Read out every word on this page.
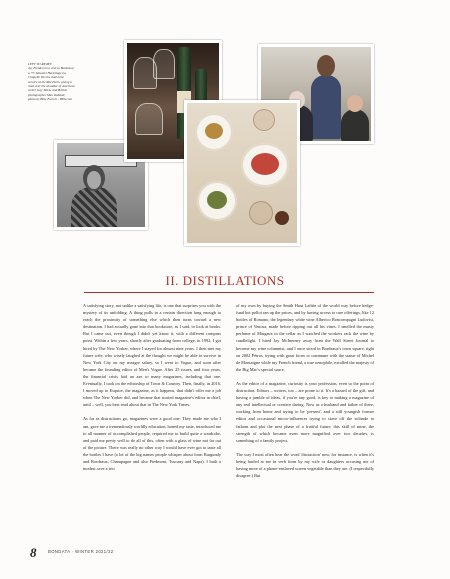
LEFT TO RIGHT:

Jay Fielden on a visit to Bordeaux;

a '73 Jaboulet Hermitage La

Chapelle hits the dual-tone

service at the Ritz Paris, giving a

read over the shoulder of American

writer Gay Talese and British

photographer Max Vadukul;

photo by Billy Farrell – BFA.com

II. DISTILLATIONS

A satisfying story, not unlike a satisfying life, is one that surprises you with the mystery of its unfolding. A thing pulls in a certain direction long enough to reach the proximity of something else which then turns toward a new destination. I had actually gone into that bookstore, as I said, to look at books. But I came out, even though I didn't yet know it, with a different compass point. Within a few years, shortly after graduating from college, in 1992, I got hired by The New Yorker, where I stayed for almost nine years. I then met my future wife, who wisely laughed at the thought we might be able to survive in New York City on my meagre salary, so I went to Vogue, and soon after became the founding editor of Men's Vogue. After 25 issues, and four years, the financial crisis laid an axe to many magazines, including that one. Eventually, I took on the editorship of Town & Country. Then, finally, in 2016, I moved up to Esquire, the magazine, as it happens, that didn't offer me a job when The New Yorker did, and became that storied magazine's editor in chief, until – well, you best read about that in The New York Times.

As far as distractions go, magazines were a good one. They made me who I am, gave me a tremendously worldly education, honed my taste, introduced me to all manner of accomplished people, required me to build quite a wardrobe, and paid me pretty well to do all of this, often with a glass of wine not far out of the picture. There was really no other way I would have ever got to taste all the bottles I have (a lot of the big names people whisper about from Burgundy and Bordeaux, Champagne and also Piedmont, Tuscany and Napa). I built a modest cave a trio

of my own by buying the Smith Haut Lafitte of the world way before hedge-fund hot polloi ran up the prices, and by having access to rare offerings, like 12 bottles of Romano, the legendary white wine Alberico Boncompagni Ludovisi, prince of Venosa, made before ripping out all his vines. I smelled the musty perfume of Margaux in the cellar as I watched the workers rack the wine by candlelight. I hired Jay McInerney away from the Wall Street Journal to become my wine columnist, and I once stood in Bordeaux's town square, tight on 2002 Pétrus, trying with great focus to commune with the statue of Michel de Montaigne while my French friend, a true oenophile, extolled the majesty of the Big Mac's special sauce.

As the editor of a magazine, curiosity is your profession, even to the point of distraction. Editors – writers, too – are prone to it. It's a hazard of the gift, and having a jumble of ideas, if you're any good, is key to making a magazine of any real intellectual or creative daring. Now as a husband and father of three, working from home and trying to be 'present', and a still youngish former editor and occasional micro-influencer trying to stave off the solitude to fathom and plot the next phase of a fruitful future, this skill of mine, the strength of which became even more magnified over two decades, is something of a family project.

The way I most often hear the word 'distraction' now, for instance, is when it's being hurled at me in verb form by my wife or daughters accusing me of having more of a phone-enslaved screen vegetable than they are. (I respectfully disagree.) But

8	BONDATA · WINTER 2021/22
